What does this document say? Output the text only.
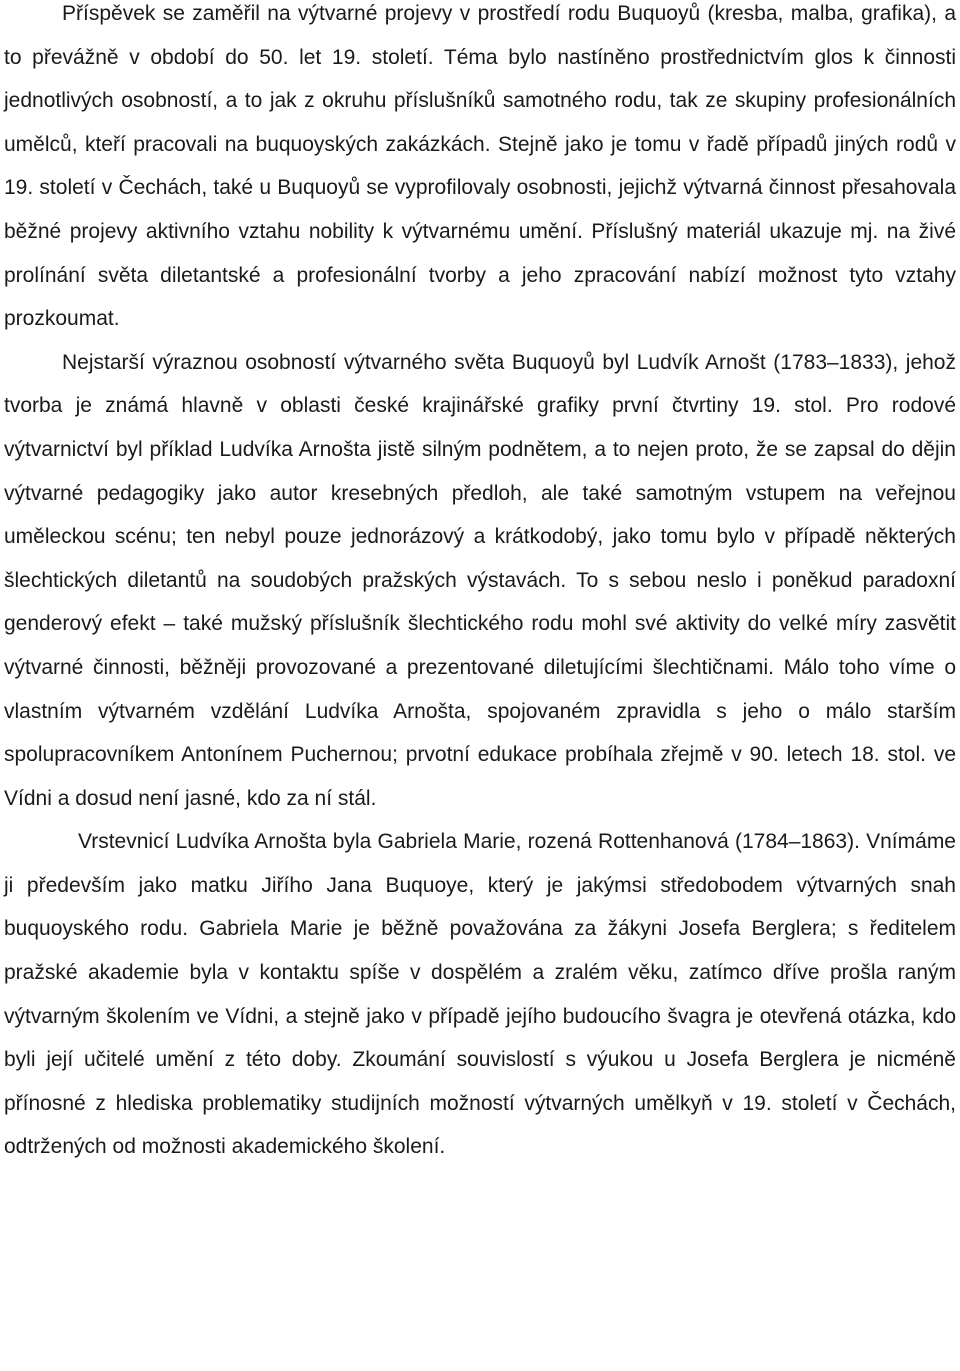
Příspěvek se zaměřil na výtvarné projevy v prostředí rodu Buquoyů (kresba, malba, grafika), a to převážně v období do 50. let 19. století. Téma bylo nastíněno prostřednictvím glos k činnosti jednotlivých osobností, a to jak z okruhu příslušníků samotného rodu, tak ze skupiny profesionálních umělců, kteří pracovali na buquoyských zakázkách. Stejně jako je tomu v řadě případů jiných rodů v 19. století v Čechách, také u Buquoyů se vyprofilovaly osobnosti, jejichž výtvarná činnost přesahovala běžné projevy aktivního vztahu nobility k výtvarnému umění. Příslušný materiál ukazuje mj. na živé prolínání světa diletantské a profesionální tvorby a jeho zpracování nabízí možnost tyto vztahy prozkoumat.

Nejstarší výraznou osobností výtvarného světa Buquoyů byl Ludvík Arnošt (1783–1833), jehož tvorba je známá hlavně v oblasti české krajinářské grafiky první čtvrtiny 19. stol. Pro rodové výtvarnictví byl příklad Ludvíka Arnošta jistě silným podnětem, a to nejen proto, že se zapsal do dějin výtvarné pedagogiky jako autor kresebných předloh, ale také samotným vstupem na veřejnou uměleckou scénu; ten nebyl pouze jednorázový a krátkodobý, jako tomu bylo v případě některých šlechtických diletantů na soudobých pražských výstavách. To s sebou neslo i poněkud paradoxní genderový efekt – také mužský příslušník šlechtického rodu mohl své aktivity do velké míry zasvětit výtvarné činnosti, běžněji provozované a prezentované diletujícími šlechtičnami. Málo toho víme o vlastním výtvarném vzdělání Ludvíka Arnošta, spojovaném zpravidla s jeho o málo starším spolupracovníkem Antonínem Puchernou; prvotní edukace probíhala zřejmě v 90. letech 18. stol. ve Vídni a dosud není jasné, kdo za ní stál.

Vrstevnicí Ludvíka Arnošta byla Gabriela Marie, rozená Rottenhanová (1784–1863). Vnímáme ji především jako matku Jiřího Jana Buquoye, který je jakýmsi středobodem výtvarných snah buquoyského rodu. Gabriela Marie je běžně považována za žákyni Josefa Berglera; s ředitelem pražské akademie byla v kontaktu spíše v dospělém a zralém věku, zatímco dříve prošla raným výtvarným školením ve Vídni, a stejně jako v případě jejího budoucího švagra je otevřená otázka, kdo byli její učitelé umění z této doby. Zkoumání souvislostí s výukou u Josefa Berglera je nicméně přínosné z hlediska problematiky studijních možností výtvarných umělkyň v 19. století v Čechách, odtržených od možnosti akademického školení.
